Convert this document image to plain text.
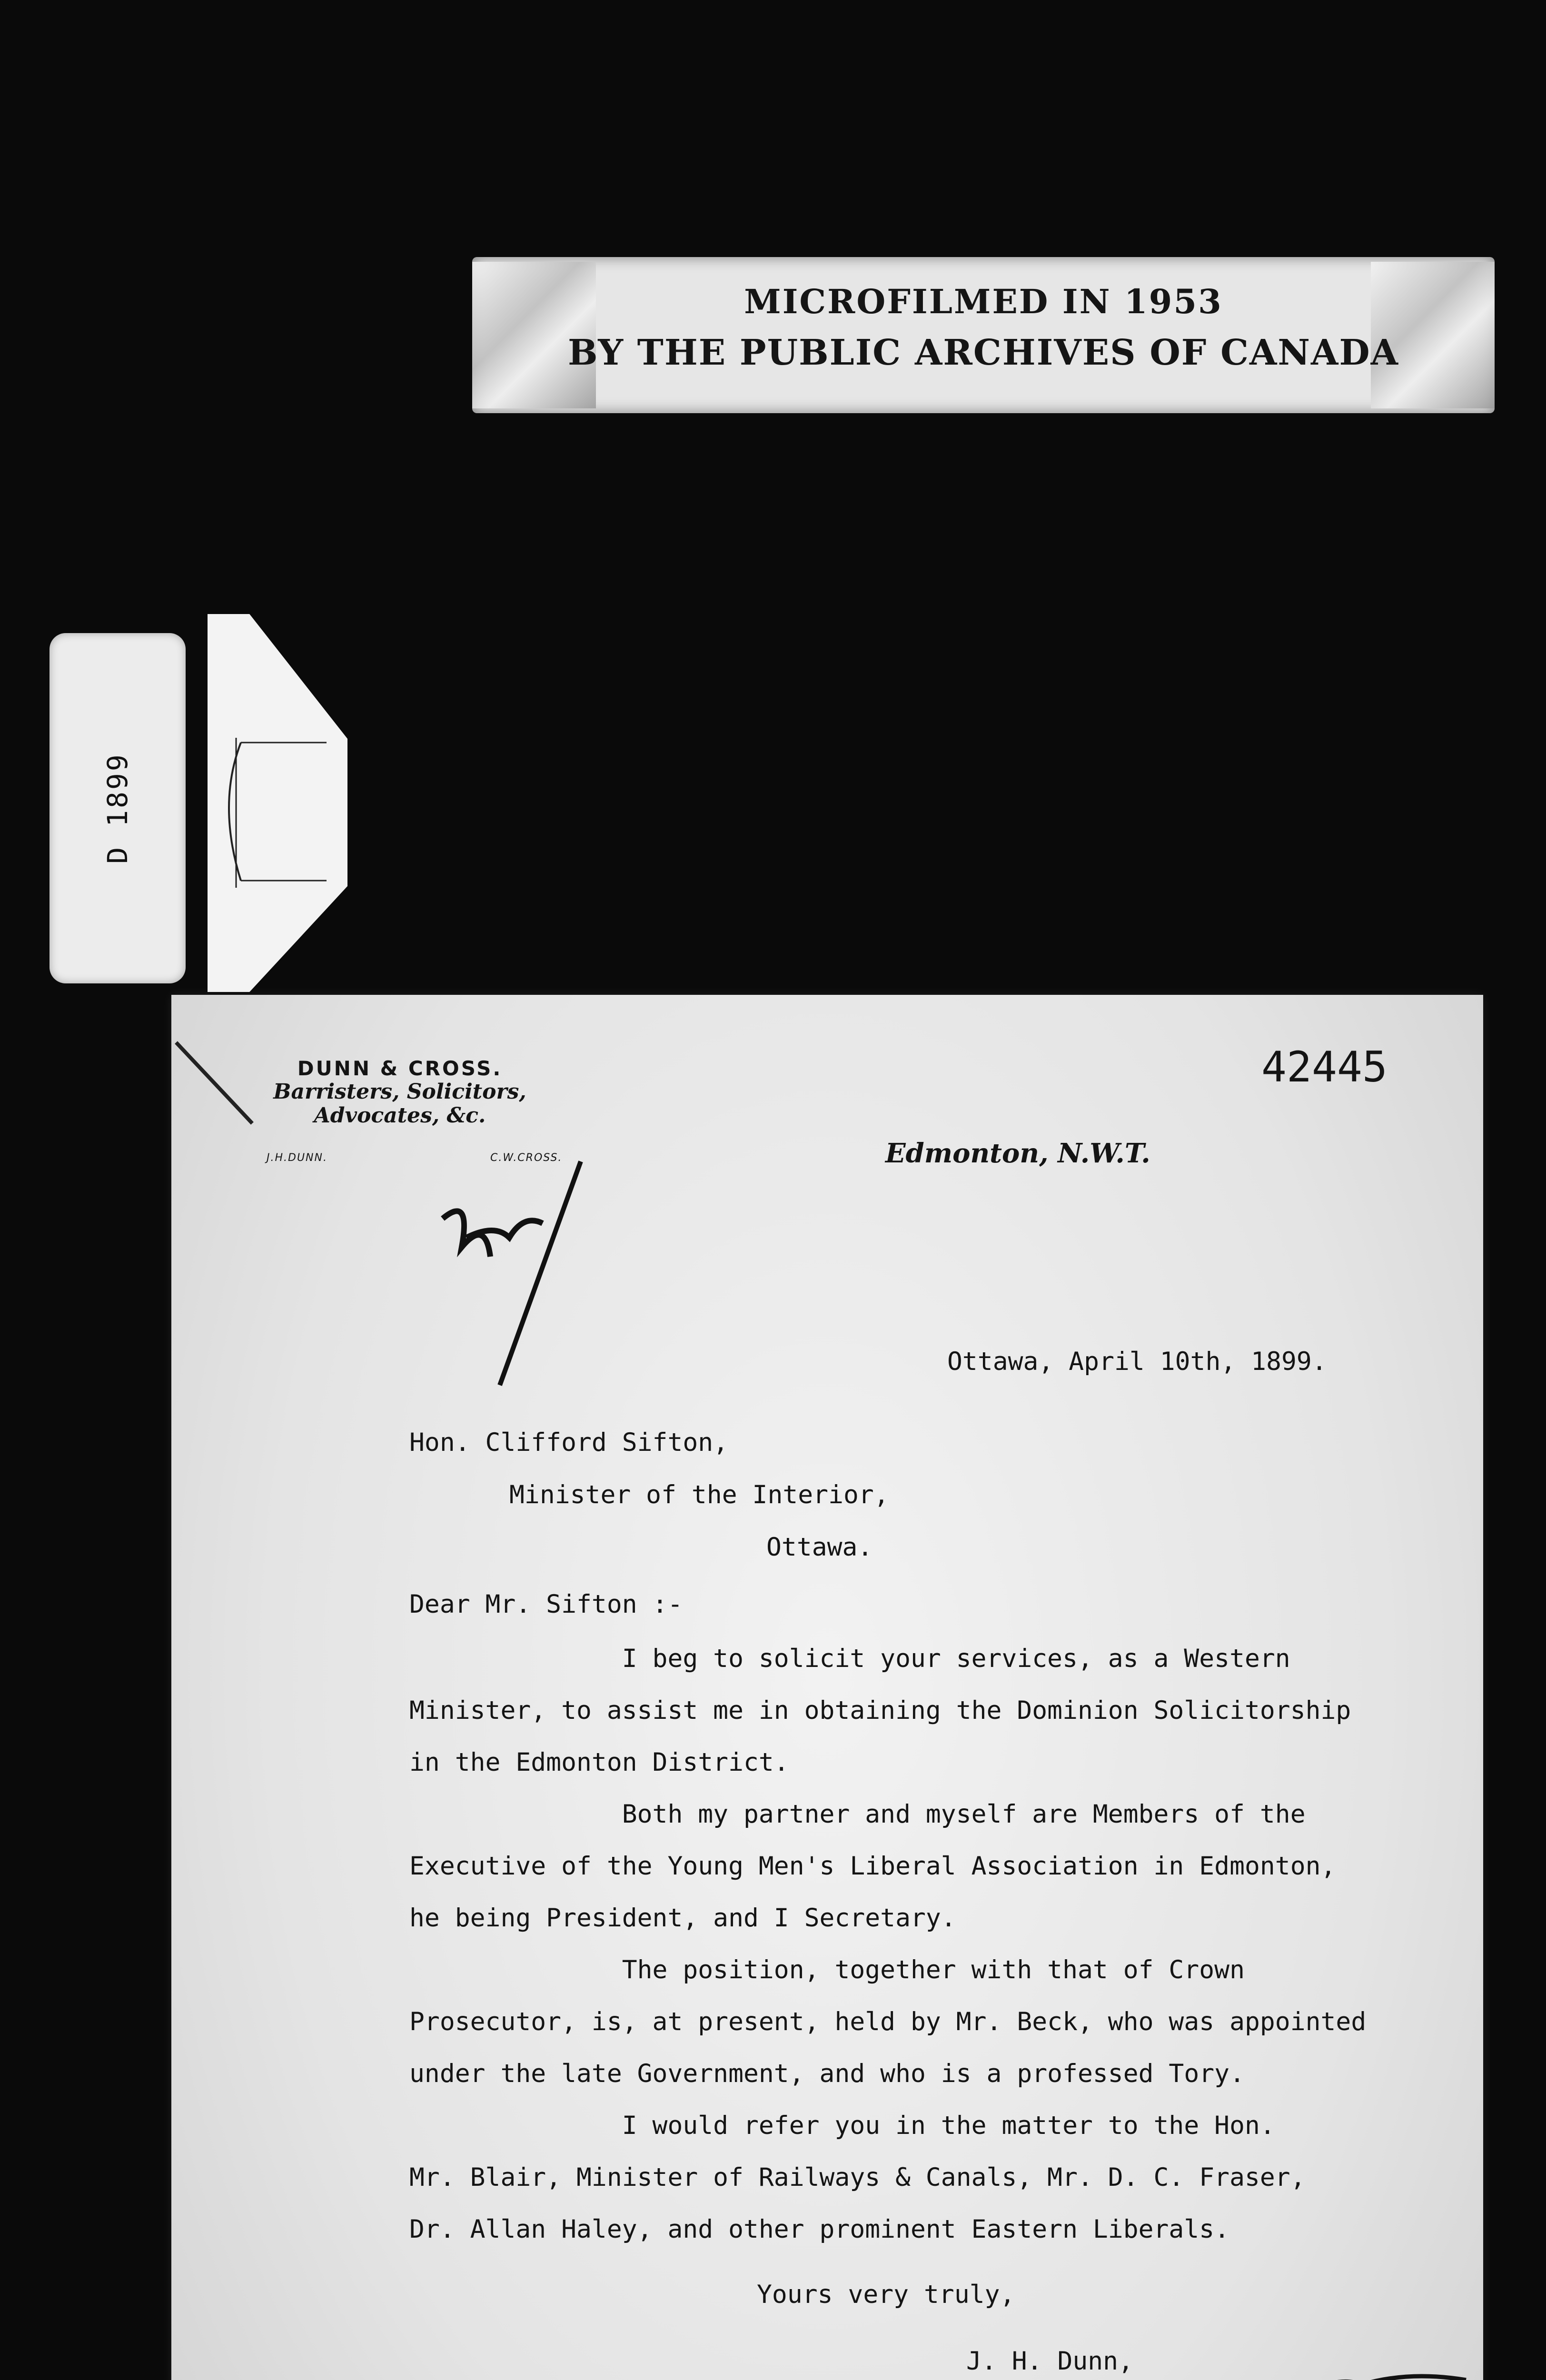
MICROFILMED IN 1953
BY THE PUBLIC ARCHIVES OF CANADA
D 1899
DUNN & CROSS.
Barristers, Solicitors,
Advocates, &c.
J.H.DUNN.	C.W.CROSS.	Edmonton, N.W.T.
42445
Ottawa, April 10th, 1899.
Hon. Clifford Sifton,
Minister of the Interior,
Ottawa.
Dear Mr. Sifton :-
I beg to solicit your services, as a Western
Minister, to assist me in obtaining the Dominion Solicitorship
in the Edmonton District.
Both my partner and myself are Members of the
Executive of the Young Men's Liberal Association in Edmonton,
he being President, and I Secretary.
The position, together with that of Crown
Prosecutor, is, at present, held by Mr. Beck, who was appointed
under the late Government, and who is a professed Tory.
I would refer you in the matter to the Hon.
Mr. Blair, Minister of Railways & Canals, Mr. D. C. Fraser,
Dr. Allan Haley, and other prominent Eastern Liberals.
Yours very truly,
J. H. Dunn,
